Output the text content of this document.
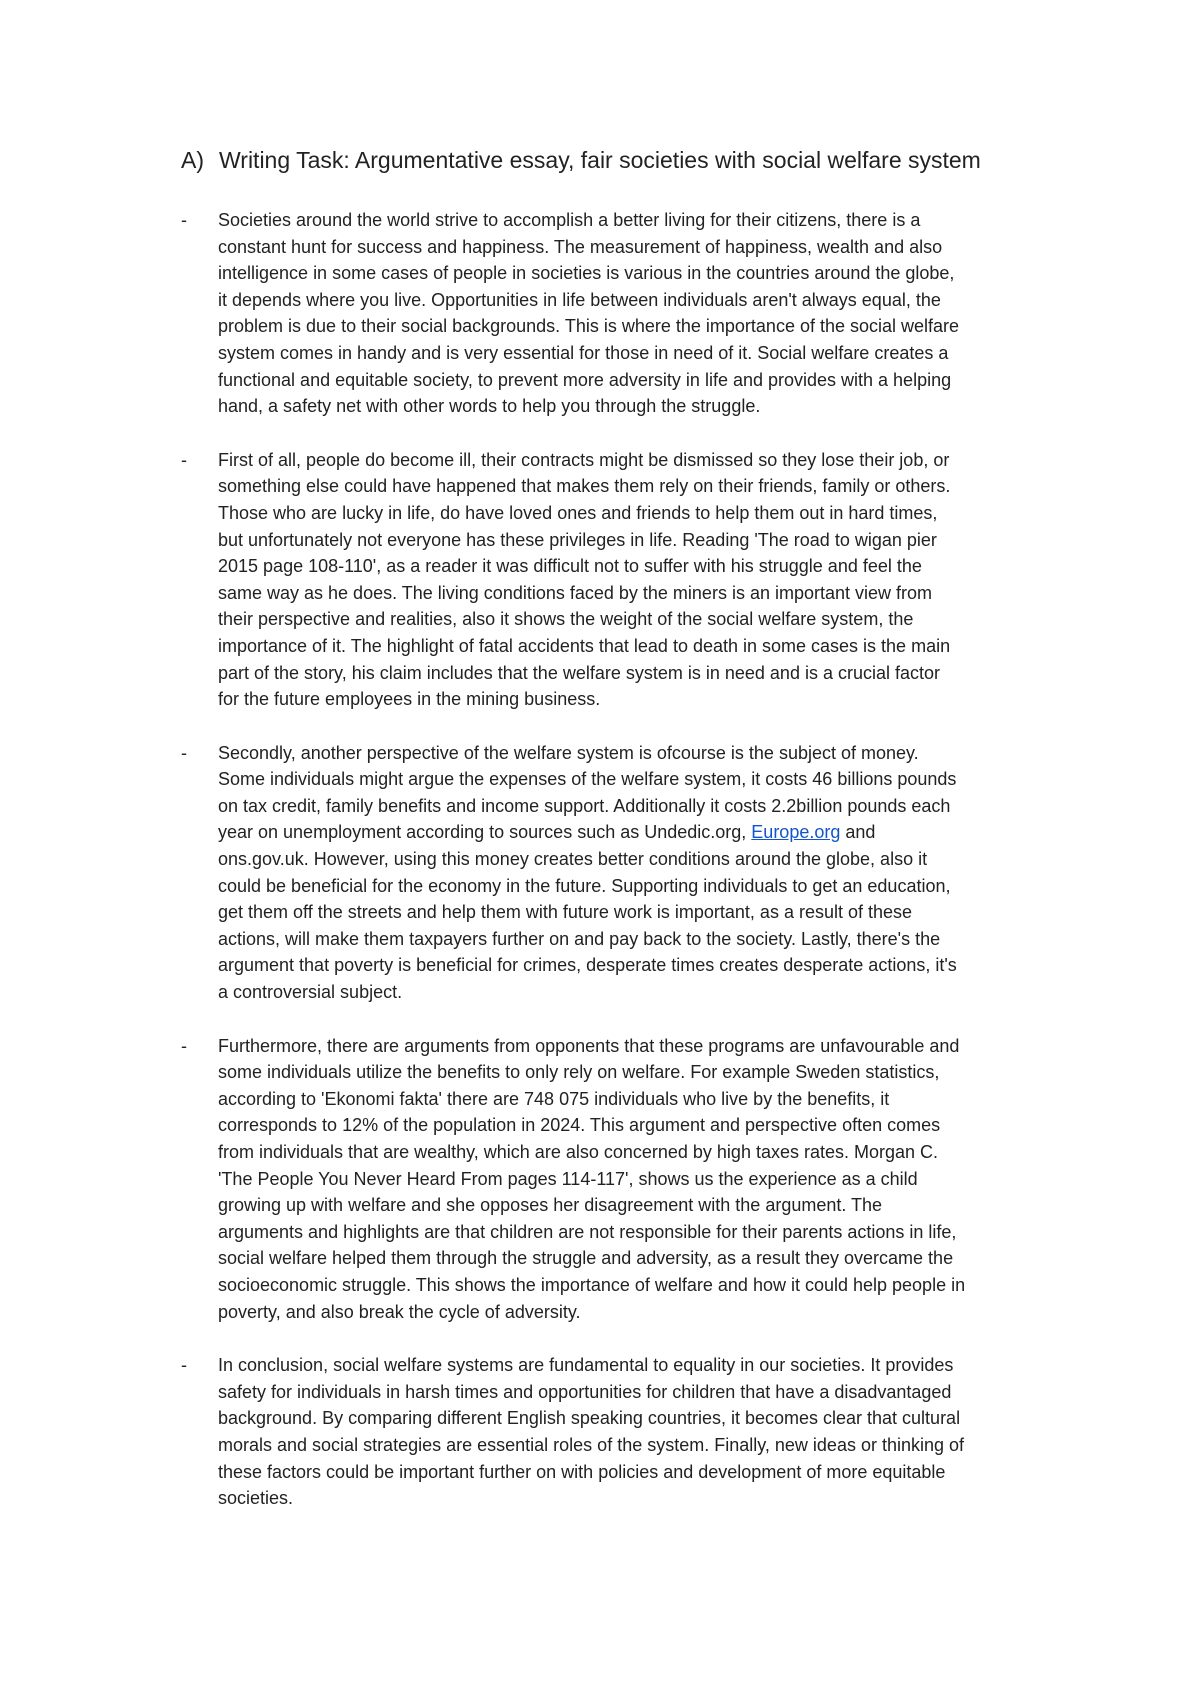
A) Writing Task: Argumentative essay, fair societies with social welfare system
- Societies around the world strive to accomplish a better living for their citizens, there is a
constant hunt for success and happiness. The measurement of happiness, wealth and also
intelligence in some cases of people in societies is various in the countries around the globe,
it depends where you live. Opportunities in life between individuals aren't always equal, the
problem is due to their social backgrounds. This is where the importance of the social welfare
system comes in handy and is very essential for those in need of it. Social welfare creates a
functional and equitable society, to prevent more adversity in life and provides with a helping
hand, a safety net with other words to help you through the struggle.
- First of all, people do become ill, their contracts might be dismissed so they lose their job, or
something else could have happened that makes them rely on their friends, family or others.
Those who are lucky in life, do have loved ones and friends to help them out in hard times,
but unfortunately not everyone has these privileges in life. Reading 'The road to wigan pier
2015 page 108-110', as a reader it was difficult not to suffer with his struggle and feel the
same way as he does. The living conditions faced by the miners is an important view from
their perspective and realities, also it shows the weight of the social welfare system, the
importance of it. The highlight of fatal accidents that lead to death in some cases is the main
part of the story, his claim includes that the welfare system is in need and is a crucial factor
for the future employees in the mining business.
- Secondly, another perspective of the welfare system is ofcourse is the subject of money.
Some individuals might argue the expenses of the welfare system, it costs 46 billions pounds
on tax credit, family benefits and income support. Additionally it costs 2.2billion pounds each
year on unemployment according to sources such as Undedic.org, Europe.org and
ons.gov.uk. However, using this money creates better conditions around the globe, also it
could be beneficial for the economy in the future. Supporting individuals to get an education,
get them off the streets and help them with future work is important, as a result of these
actions, will make them taxpayers further on and pay back to the society. Lastly, there's the
argument that poverty is beneficial for crimes, desperate times creates desperate actions, it's
a controversial subject.
- Furthermore, there are arguments from opponents that these programs are unfavourable and
some individuals utilize the benefits to only rely on welfare. For example Sweden statistics,
according to 'Ekonomi fakta' there are 748 075 individuals who live by the benefits, it
corresponds to 12% of the population in 2024. This argument and perspective often comes
from individuals that are wealthy, which are also concerned by high taxes rates. Morgan C.
'The People You Never Heard From pages 114-117', shows us the experience as a child
growing up with welfare and she opposes her disagreement with the argument. The
arguments and highlights are that children are not responsible for their parents actions in life,
social welfare helped them through the struggle and adversity, as a result they overcame the
socioeconomic struggle. This shows the importance of welfare and how it could help people in
poverty, and also break the cycle of adversity.
- In conclusion, social welfare systems are fundamental to equality in our societies. It provides
safety for individuals in harsh times and opportunities for children that have a disadvantaged
background. By comparing different English speaking countries, it becomes clear that cultural
morals and social strategies are essential roles of the system. Finally, new ideas or thinking of
these factors could be important further on with policies and development of more equitable
societies.
